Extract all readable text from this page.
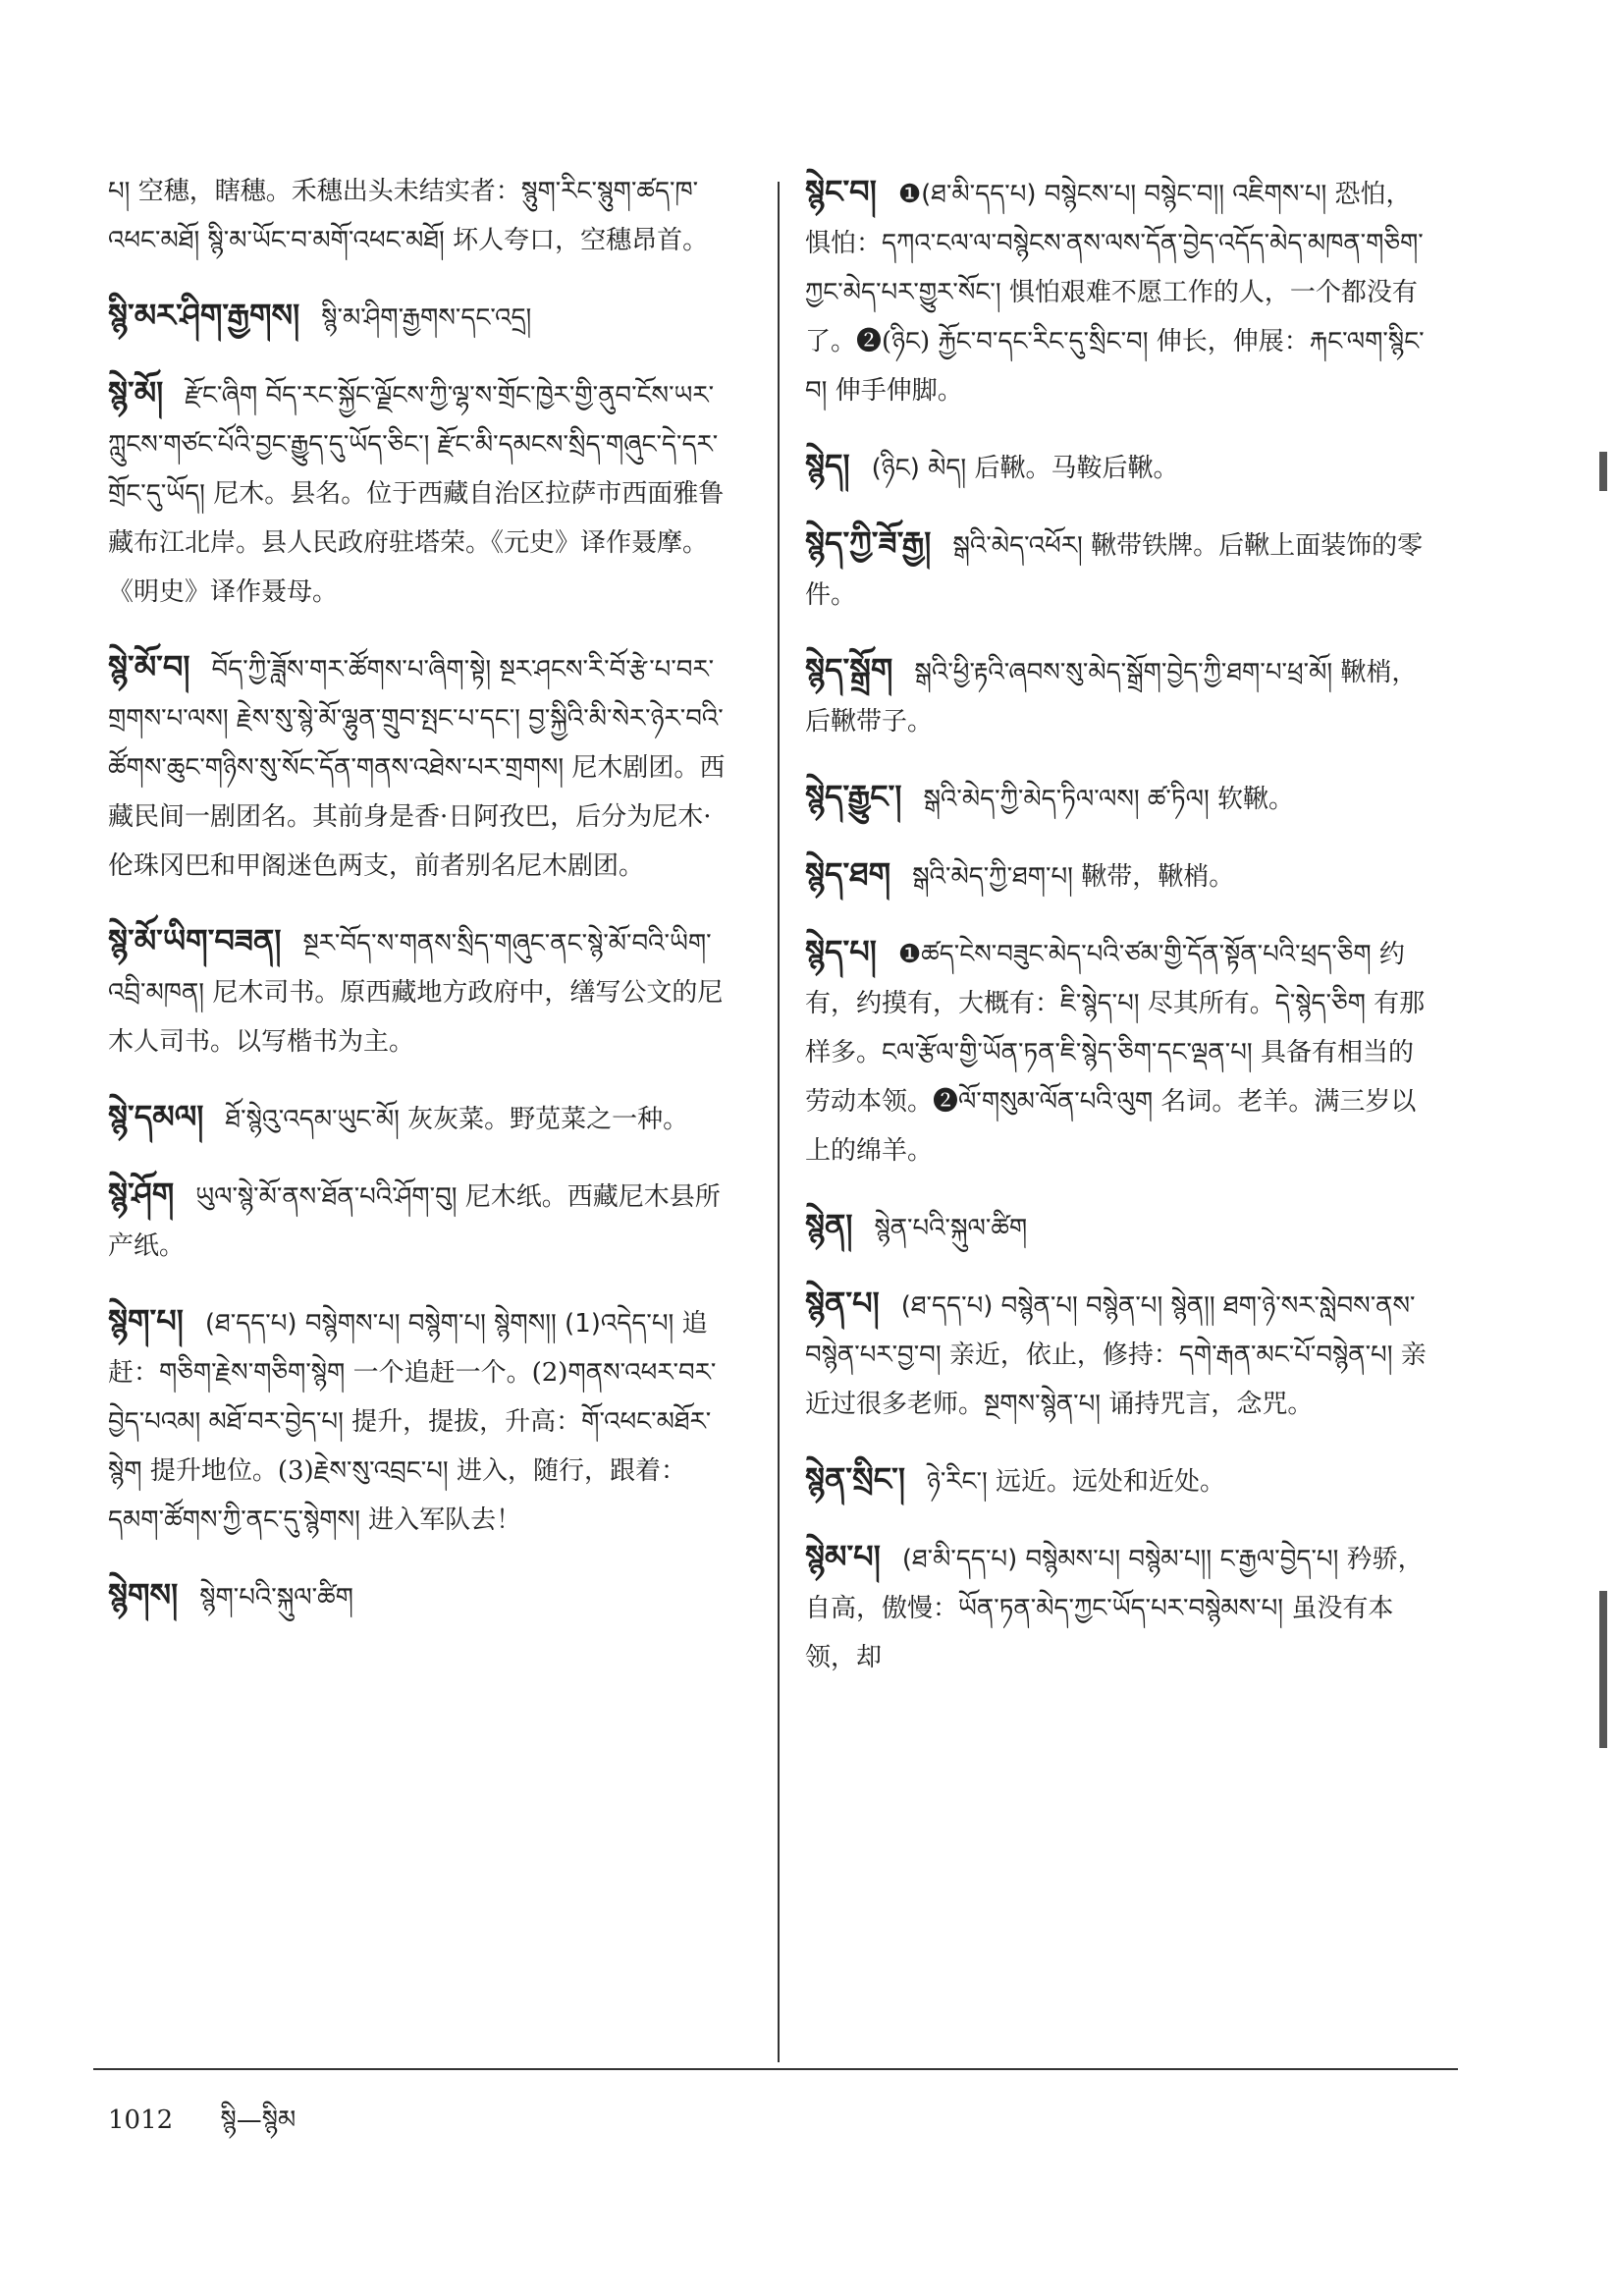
པ། 空穗，瞎穗。禾穗出头未结实者：སྙུག་རིང་སྙུག་ཚད་ཁ་འཕང་མཐོ། སྙི་མ་ཡོང་བ་མགོ་འཕང་མཐོ། 坏人夸口，空穗昂首。
སྙི་མར་ཤིག་རྒྱགས། སྙི་མ་ཤིག་རྒྱགས་དང་འདྲ།
སྙེ་མོ། རྫོང་ཞིག བོད་རང་སྐྱོང་ལྗོངས་ཀྱི་ལྷ་ས་གྲོང་ཁྱེར་གྱི་ནུབ་ངོས་ཡར་ཀླུངས་གཙང་པོའི་བྱང་རྒྱུད་དུ་ཡོད་ཅིང་། རྫོང་མི་དམངས་སྲིད་གཞུང་དེ་དར་གྲོང་དུ་ཡོད། 尼木。县名。位于西藏自治区拉萨市西面雅鲁藏布江北岸。县人民政府驻塔荣。《元史》译作聂摩。《明史》译作聂母。
སྙེ་མོ་བ། བོད་ཀྱི་ཟློས་གར་ཚོགས་པ་ཞིག་སྟེ། སྔར་ཤངས་རི་བོ་རྩེ་པ་བར་གྲགས་པ་ལས། རྗེས་སུ་སྙེ་མོ་ལྷུན་གྲུབ་སྤང་པ་དང་། བྱ་སྐྱིའི་མི་སེར་ཉེར་བའི་ཚོགས་ཆུང་གཉིས་སུ་སོང་དོན་གནས་འཐེས་པར་གྲགས། 尼木剧团。西藏民间一剧团名。其前身是香·日阿孜巴，后分为尼木·伦珠冈巴和甲阁迷色两支，前者别名尼木剧团。
སྙེ་མོ་ཡིག་བཟན། སྔར་བོད་ས་གནས་སྲིད་གཞུང་ནང་སྙེ་མོ་བའི་ཡིག་འབྲི་མཁན། 尼木司书。原西藏地方政府中，缮写公文的尼木人司书。以写楷书为主。
སྙེ་དམལ། ཐོ་སྙེའུ་འདམ་ཡུང་མོ། 灰灰菜。野苋菜之一种。
སྙེ་ཤོག ཡུལ་སྙེ་མོ་ནས་ཐོན་པའི་ཤོག་བུ། 尼木纸。西藏尼木县所产纸。
སྙེག་པ། (ཐ་དད་པ) བསྙེགས་པ། བསྙེག་པ། སྙེགས།། (1)འདེད་པ། 追赶：གཅིག་རྗེས་གཅིག་སྙེག 一个追赶一个。(2)གནས་འཕར་བར་བྱེད་པའམ། མཐོ་བར་བྱེད་པ། 提升，提拔，升高：གོ་འཕང་མཐོར་སྙེག 提升地位。(3)རྗེས་སུ་འབྲང་པ། 进入，随行，跟着：དམག་ཚོགས་ཀྱི་ནང་དུ་སྙེགས། 进入军队去！
སྙེགས། སྙེག་པའི་སྐུལ་ཚིག
སྙེང་བ། ❶(ཐ་མི་དད་པ) བསྙེངས་པ། བསྙེང་བ།། འཇིགས་པ། 恐怕，惧怕：དཀའ་ངལ་ལ་བསྙེངས་ནས་ལས་དོན་བྱེད་འདོད་མེད་མཁན་གཅིག་ཀྱང་མེད་པར་གྱུར་སོང་། 惧怕艰难不愿工作的人，一个都没有了。❷(ཉིང) རྐྱོང་བ་དང་རིང་དུ་སྲིང་བ། 伸长，伸展：རྐང་ལག་སྙིང་བ། 伸手伸脚。
སྙེད། (ཉིང) མེད། 后鞦。马鞍后鞦。
སྙེད་ཀྱི་ཟོ་རྒྱ། སྒའི་མེད་འཕོར། 鞦带铁牌。后鞦上面装饰的零件。
སྙེད་སྒྲོག སྒའི་ཕྱི་རྟའི་ཞབས་སུ་མེད་སྒྲོག་བྱེད་ཀྱི་ཐག་པ་ཕྲ་མོ། 鞦梢，后鞦带子。
སྙེད་རྒྱུང་། སྒའི་མེད་ཀྱི་མེད་ཏིལ་ལས། ཚ་ཏིལ། 软鞦。
སྙེད་ཐག སྒའི་མེད་ཀྱི་ཐག་པ། 鞦带，鞦梢。
སྙེད་པ། ❶ཚད་ངེས་བཟུང་མེད་པའི་ཙམ་གྱི་དོན་སྟོན་པའི་ཕྲད་ཅིག 约有，约摸有，大概有：ཇི་སྙེད་པ། 尽其所有。དེ་སྙེད་ཅིག 有那样多。ངལ་རྩོལ་གྱི་ཡོན་ཏན་ཇི་སྙེད་ཅིག་དང་ལྡན་པ། 具备有相当的劳动本领。❷ལོ་གསུམ་ལོན་པའི་ལུག 名词。老羊。满三岁以上的绵羊。
སྙེན། སྙེན་པའི་སྐུལ་ཚིག
སྙེན་པ། (ཐ་དད་པ) བསྙེན་པ། བསྙེན་པ། སྙེན།། ཐག་ཉེ་སར་སླེབས་ནས་བསྙེན་པར་བྱ་བ། 亲近，依止，修持：དགེ་རྒན་མང་པོ་བསྙེན་པ། 亲近过很多老师。སྔགས་སྙེན་པ། 诵持咒言，念咒。
སྙེན་སྲིང་། ཉེ་རིང་། 远近。远处和近处。
སྙེམ་པ། (ཐ་མི་དད་པ) བསྙེམས་པ། བསྙེམ་པ།། ང་རྒྱལ་བྱེད་པ། 矜骄，自高，傲慢：ཡོན་ཏན་མེད་ཀྱང་ཡོད་པར་བསྙེམས་པ། 虽没有本领，却
1012 སྙི—སྙིམ
